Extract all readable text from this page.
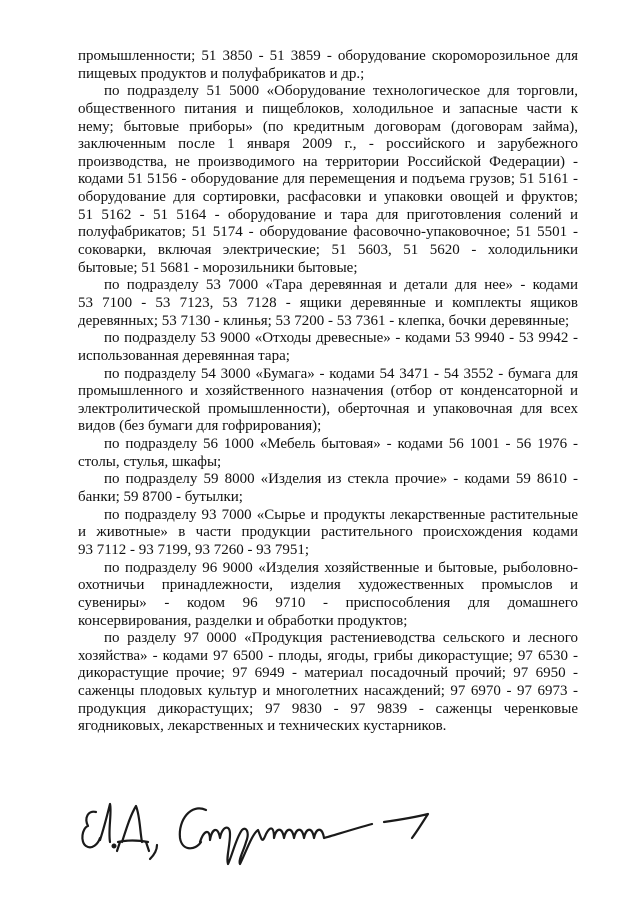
промышленности; 51 3850 - 51 3859 - оборудование скороморозильное для
пищевых продуктов и полуфабрикатов и др.;
по подразделу 51 5000 «Оборудование технологическое для торговли,
общественного питания и пищеблоков, холодильное и запасные части к
нему; бытовые приборы» (по кредитным договорам (договорам займа),
заключенным после 1 января 2009 г., - российского и зарубежного
производства, не производимого на территории Российской Федерации) -
кодами 51 5156 - оборудование для перемещения и подъема грузов; 51 5161 -
оборудование для сортировки, расфасовки и упаковки овощей и фруктов;
51 5162 - 51 5164 - оборудование и тара для приготовления солений и
полуфабрикатов; 51 5174 - оборудование фасовочно-упаковочное; 51 5501 -
соковарки, включая электрические; 51 5603, 51 5620 - холодильники
бытовые; 51 5681 - морозильники бытовые;
по подразделу 53 7000 «Тара деревянная и детали для нее» - кодами
53 7100 - 53 7123, 53 7128 - ящики деревянные и комплекты ящиков
деревянных; 53 7130 - клинья; 53 7200 - 53 7361 - клепка, бочки деревянные;
по подразделу 53 9000 «Отходы древесные» - кодами 53 9940 - 53 9942 -
использованная деревянная тара;
по подразделу 54 3000 «Бумага» - кодами 54 3471 - 54 3552 - бумага для
промышленного и хозяйственного назначения (отбор от конденсаторной и
электролитической промышленности), оберточная и упаковочная для всех
видов (без бумаги для гофрирования);
по подразделу 56 1000 «Мебель бытовая» - кодами 56 1001 - 56 1976 -
столы, стулья, шкафы;
по подразделу 59 8000 «Изделия из стекла прочие» - кодами 59 8610 -
банки; 59 8700 - бутылки;
по подразделу 93 7000 «Сырье и продукты лекарственные растительные
и животные» в части продукции растительного происхождения кодами
93 7112 - 93 7199, 93 7260 - 93 7951;
по подразделу 96 9000 «Изделия хозяйственные и бытовые, рыболовно-
охотничьи принадлежности, изделия художественных промыслов и
сувениры» - кодом 96 9710 - приспособления для домашнего
консервирования, разделки и обработки продуктов;
по разделу 97 0000 «Продукция растениеводства сельского и лесного
хозяйства» - кодами 97 6500 - плоды, ягоды, грибы дикорастущие; 97 6530 -
дикорастущие прочие; 97 6949 - материал посадочный прочий; 97 6950 -
саженцы плодовых культур и многолетних насаждений; 97 6970 - 97 6973 -
продукция дикорастущих; 97 9830 - 97 9839 - саженцы черенковые
ягодниковых, лекарственных и технических кустарников.
